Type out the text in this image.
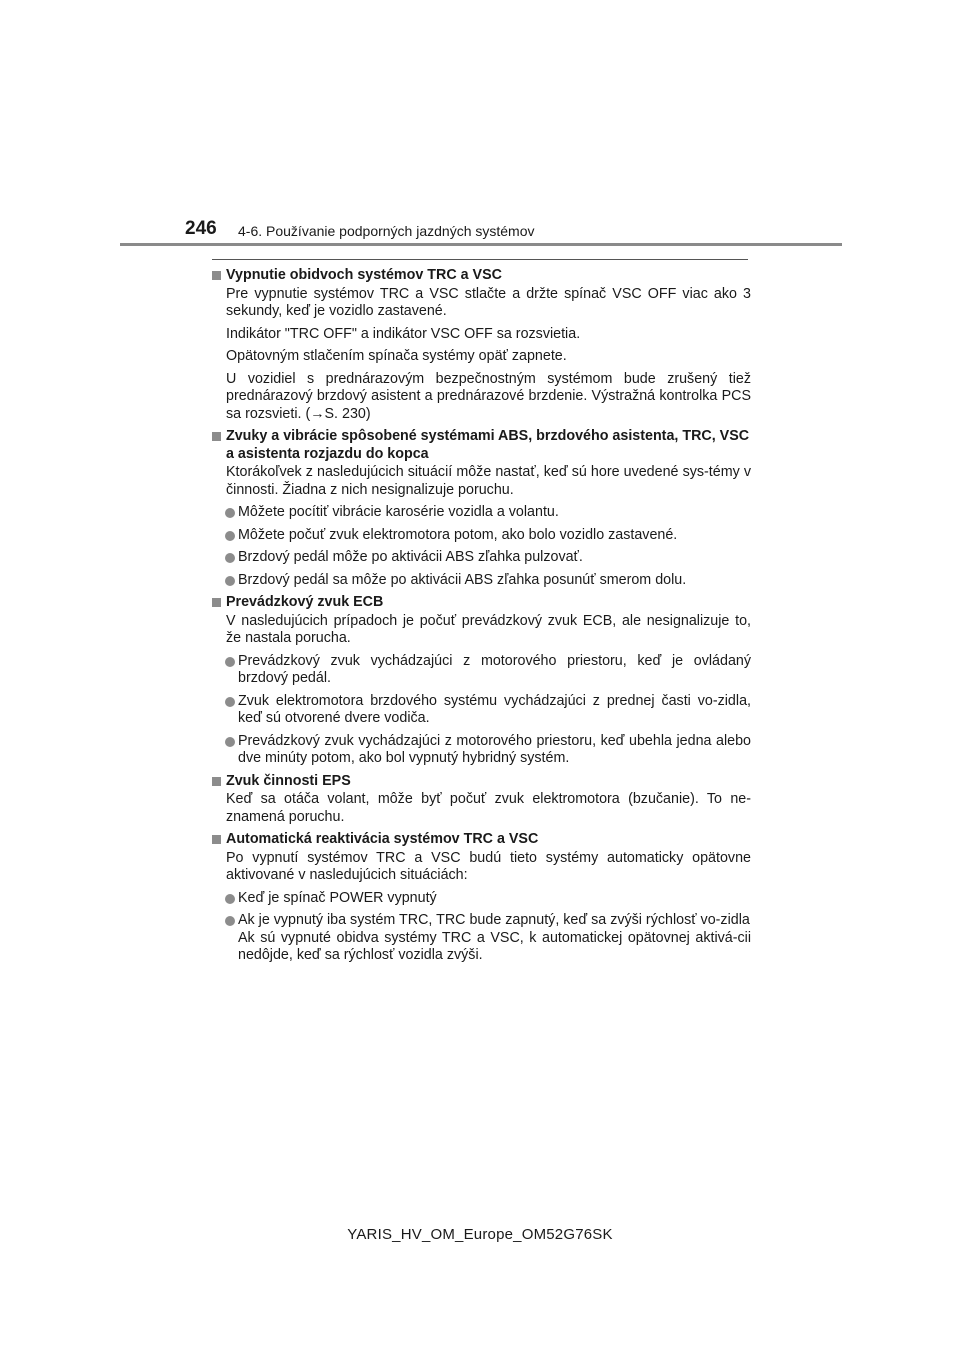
246 4-6. Používanie podporných jazdných systémov
Vypnutie obidvoch systémov TRC a VSC

Pre vypnutie systémov TRC a VSC stlačte a držte spínač VSC OFF viac ako 3 sekundy, keď je vozidlo zastavené.

Indikátor "TRC OFF" a indikátor VSC OFF sa rozsvietia.

Opätovným stlačením spínača systémy opäť zapnete.

U vozidiel s prednárazovým bezpečnostným systémom bude zrušený tiež prednárazový brzdový asistent a prednárazové brzdenie. Výstražná kontrolka PCS sa rozsvieti. (→S. 230)

Zvuky a vibrácie spôsobené systémami ABS, brzdového asistenta, TRC, VSC a asistenta rozjazdu do kopca

Ktorákoľvek z nasledujúcich situácií môže nastať, keď sú hore uvedené sys-témy v činnosti. Žiadna z nich nesignalizuje poruchu.

Môžete pocítiť vibrácie karosérie vozidla a volantu.
Môžete počuť zvuk elektromotora potom, ako bolo vozidlo zastavené.
Brzdový pedál môže po aktivácii ABS zľahka pulzovať.
Brzdový pedál sa môže po aktivácii ABS zľahka posunúť smerom dolu.
Prevádzkový zvuk ECB

V nasledujúcich prípadoch je počuť prevádzkový zvuk ECB, ale nesignalizuje to, že nastala porucha.

Prevádzkový zvuk vychádzajúci z motorového priestoru, keď je ovládaný brzdový pedál.
Zvuk elektromotora brzdového systému vychádzajúci z prednej časti vo-zidla, keď sú otvorené dvere vodiča.
Prevádzkový zvuk vychádzajúci z motorového priestoru, keď ubehla jedna alebo dve minúty potom, ako bol vypnutý hybridný systém.
Zvuk činnosti EPS

Keď sa otáča volant, môže byť počuť zvuk elektromotora (bzučanie). To ne-znamená poruchu.

Automatická reaktivácia systémov TRC a VSC

Po vypnutí systémov TRC a VSC budú tieto systémy automaticky opätovne aktivované v nasledujúcich situáciách:

Keď je spínač POWER vypnutý
Ak je vypnutý iba systém TRC, TRC bude zapnutý, keď sa zvýši rýchlosť vo-zidla
Ak sú vypnuté obidva systémy TRC a VSC, k automatickej opätovnej aktivá-cii nedôjde, keď sa rýchlosť vozidla zvýši.
YARIS_HV_OM_Europe_OM52G76SK
